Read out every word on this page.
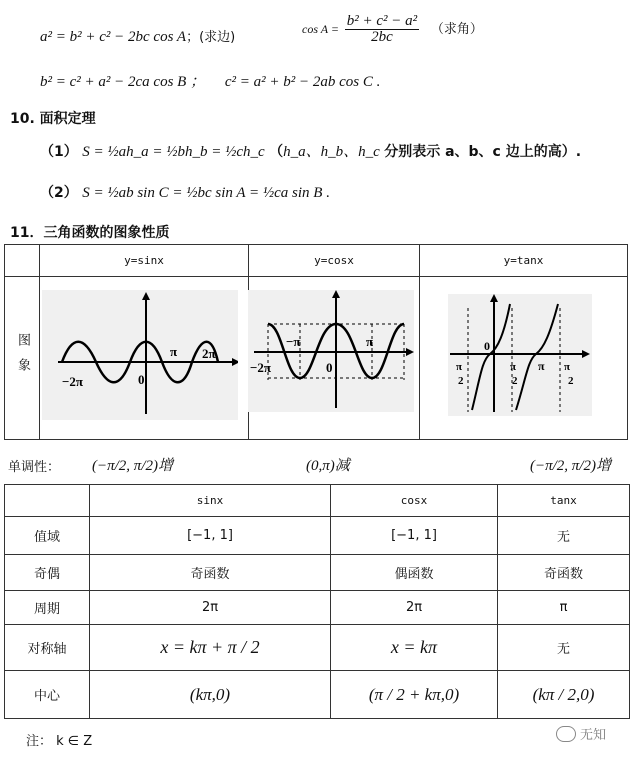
a² = b² + c² − 2bc cos A；(求边)
$\cos A = \frac{\text{b² + c² − a²}}{2bc}$ （求角）
b² = c² + a² − 2ca cos B ； c² = a² + b² − 2ab cos C .
10. 面积定理
（1） S = ½ah_a = ½bh_b = ½ch_c （h_a、h_b、h_c 分别表示 a、b、c 边上的高）.
（2） S = ½ab sin C = ½bc sin A = ½ca sin B .
11．三角函数的图象性质
	y=sinx	y=cosx	y=tanx
图象			−2π
π 2π
0
−π	π
−2π	0
0
π π
2
π
2
π
2
单调性： (−π/2, π/2)增	(0,π)减	(−π/2, π/2)增
	sinx	cosx	tanx
值域	[−1, 1]	[−1, 1]	无
奇偶	奇函数	偶函数	奇函数
周期	2π	2π	π
对称轴	x = kπ + π / 2	x = kπ	无
中心	(kπ,0)	(π / 2 + kπ,0)	(kπ / 2,0)
注： k ∈ Z	无知
